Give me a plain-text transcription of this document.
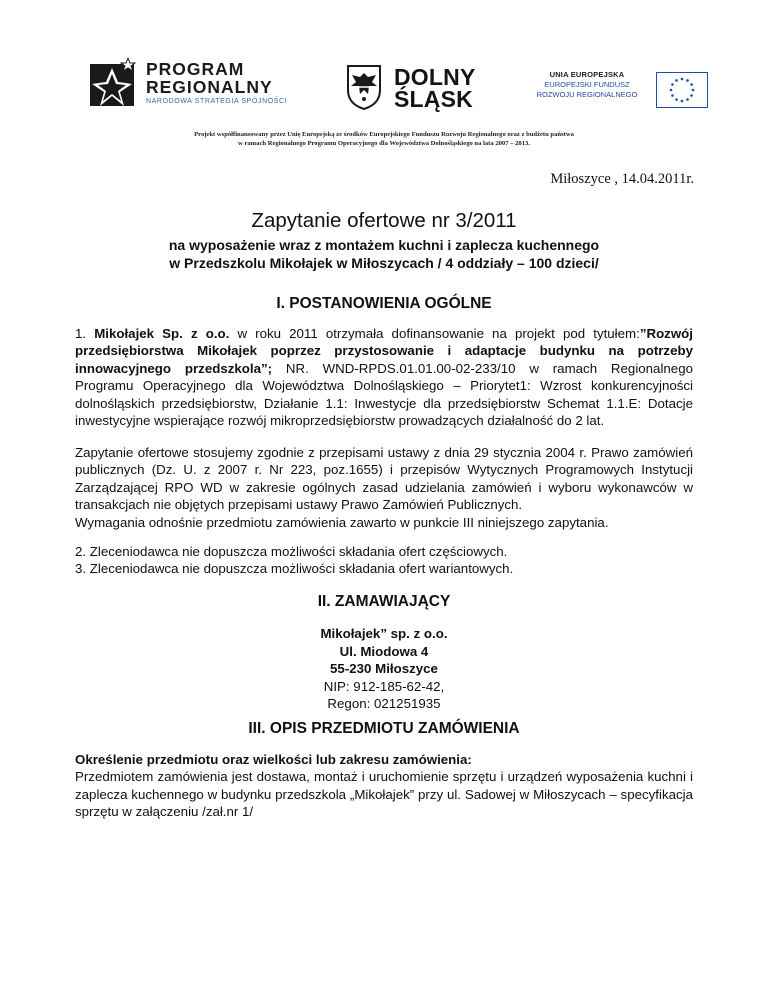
PROGRAM
REGIONALNY
NARODOWA STRATEGIA SPÓJNOŚCI
DOLNY
ŚLĄSK
UNIA EUROPEJSKA
EUROPEJSKI FUNDUSZ
ROZWOJU REGIONALNEGO
Projekt współfinansowany przez Unię Europejską ze środków Europejskiego Funduszu Rozwoju Regionalnego oraz z budżetu państwa
w ramach Regionalnego Programu Operacyjnego dla Województwa Dolnośląskiego na lata 2007 – 2013.
Miłoszyce , 14.04.2011r.
Zapytanie ofertowe nr 3/2011
na wyposażenie wraz z montażem kuchni i zaplecza kuchennego
w Przedszkolu Mikołajek w Miłoszycach / 4 oddziały – 100 dzieci/
I. POSTANOWIENIA OGÓLNE
1. Mikołajek Sp. z o.o. w roku 2011 otrzymała dofinansowanie na projekt pod tytułem:”Rozwój przedsiębiorstwa Mikołajek poprzez przystosowanie i adaptacje budynku na potrzeby innowacyjnego przedszkola”; NR. WND-RPDS.01.01.00-02-233/10 w ramach Regionalnego Programu Operacyjnego dla Województwa Dolnośląskiego – Priorytet1: Wzrost konkurencyjności dolnośląskich przedsiębiorstw, Działanie 1.1: Inwestycje dla przedsiębiorstw Schemat 1.1.E: Dotacje inwestycyjne wspierające rozwój mikroprzedsiębiorstw prowadzących działalność do 2 lat.
Zapytanie ofertowe stosujemy zgodnie z przepisami ustawy z dnia 29 stycznia 2004 r. Prawo zamówień publicznych (Dz. U. z 2007 r. Nr 223, poz.1655) i przepisów Wytycznych Programowych Instytucji Zarządzającej RPO WD w zakresie ogólnych zasad udzielania zamówień i wyboru wykonawców w transakcjach nie objętych przepisami ustawy Prawo Zamówień Publicznych.
Wymagania odnośnie przedmiotu zamówienia zawarto w punkcie III niniejszego zapytania.
2. Zleceniodawca nie dopuszcza możliwości składania ofert częściowych.
3. Zleceniodawca nie dopuszcza możliwości składania ofert wariantowych.
II. ZAMAWIAJĄCY
Mikołajek” sp. z o.o.
Ul. Miodowa 4
55-230 Miłoszyce
NIP: 912-185-62-42,
Regon: 021251935
III. OPIS PRZEDMIOTU ZAMÓWIENIA
Określenie przedmiotu oraz wielkości lub zakresu zamówienia:
Przedmiotem zamówienia jest dostawa, montaż i uruchomienie sprzętu i urządzeń wyposażenia kuchni i zaplecza kuchennego w budynku przedszkola „Mikołajek” przy ul. Sadowej w Miłoszycach – specyfikacja sprzętu w załączeniu /zał.nr 1/
